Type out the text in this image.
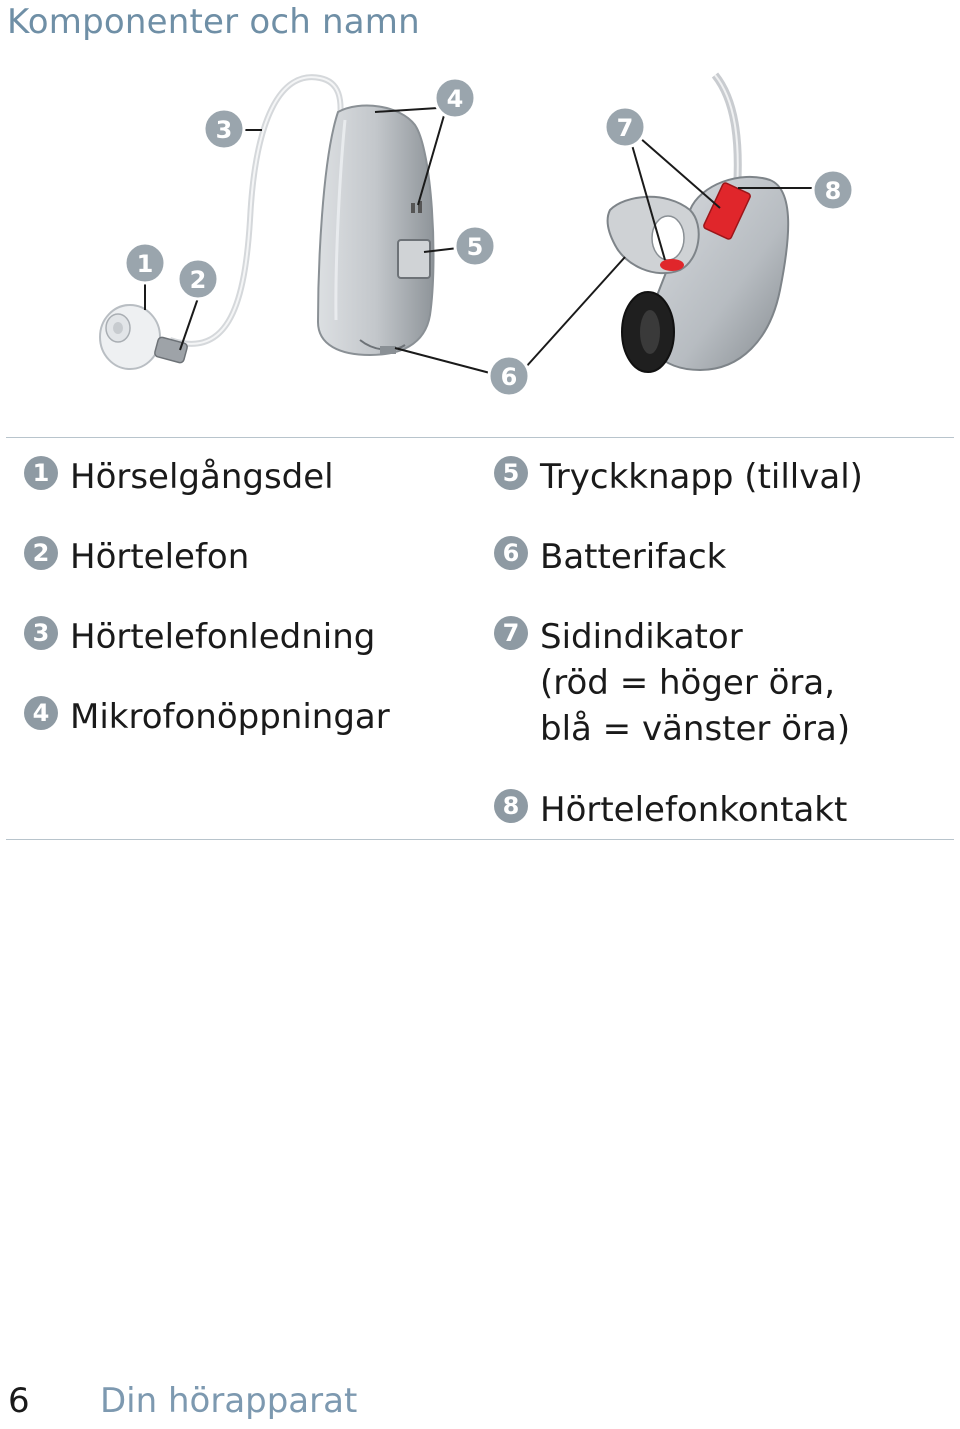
Komponenter och namn
1
2
3
4
5
6
7
8
1 Hörselgångsdel
2 Hörtelefon
3 Hörtelefonledning
4 Mikrofonöppningar
5 Tryckknapp (tillval)
6 Batterifack
7 Sidindikator
(röd = höger öra,
blå = vänster öra)
8 Hörtelefonkontakt
6 Din hörapparat
